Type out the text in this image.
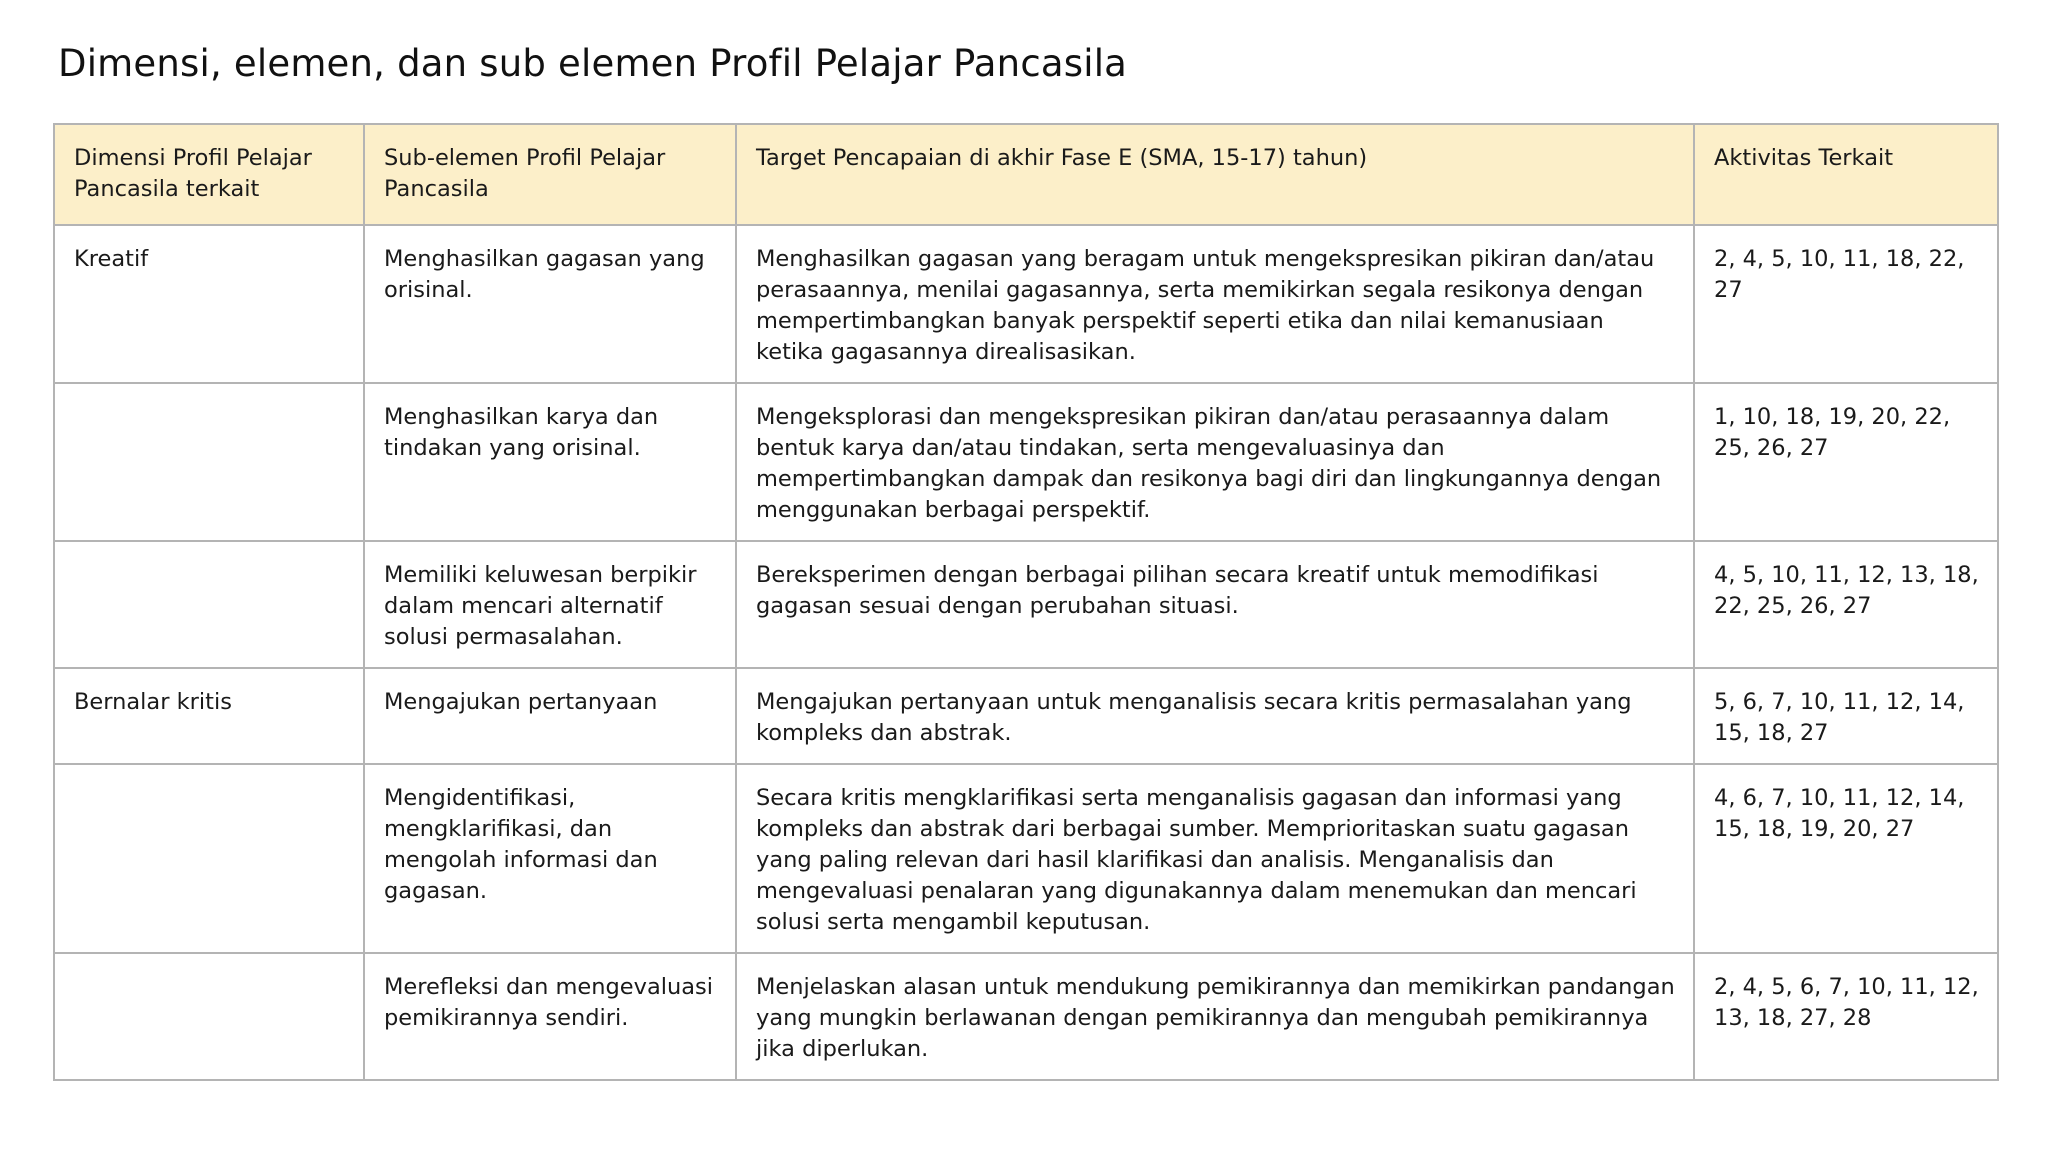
Dimensi, elemen, dan sub elemen Profil Pelajar Pancasila
Dimensi Profil Pelajar Pancasila terkait	Sub-elemen Profil Pelajar Pancasila	Target Pencapaian di akhir Fase E (SMA, 15-17) tahun)	Aktivitas Terkait
Kreatif	Menghasilkan gagasan yang orisinal.	Menghasilkan gagasan yang beragam untuk mengekspresikan pikiran dan/atau perasaannya, menilai gagasannya, serta memikirkan segala resikonya dengan mempertimbangkan banyak perspektif seperti etika dan nilai kemanusiaan ketika gagasannya direalisasikan.	2, 4, 5, 10, 11, 18, 22, 27
	Menghasilkan karya dan tindakan yang orisinal.	Mengeksplorasi dan mengekspresikan pikiran dan/atau perasaannya dalam bentuk karya dan/atau tindakan, serta mengevaluasinya dan mempertimbangkan dampak dan resikonya bagi diri dan lingkungannya dengan menggunakan berbagai perspektif.	1, 10, 18, 19, 20, 22, 25, 26, 27
	Memiliki keluwesan berpikir dalam mencari alternatif solusi permasalahan.	Bereksperimen dengan berbagai pilihan secara kreatif untuk memodifikasi gagasan sesuai dengan perubahan situasi.	4, 5, 10, 11, 12, 13, 18, 22, 25, 26, 27
Bernalar kritis	Mengajukan pertanyaan	Mengajukan pertanyaan untuk menganalisis secara kritis permasalahan yang kompleks dan abstrak.	5, 6, 7, 10, 11, 12, 14, 15, 18, 27
	Mengidentifikasi, mengklarifikasi, dan mengolah informasi dan gagasan.	Secara kritis mengklarifikasi serta menganalisis gagasan dan informasi yang kompleks dan abstrak dari berbagai sumber. Memprioritaskan suatu gagasan yang paling relevan dari hasil klarifikasi dan analisis. Menganalisis dan mengevaluasi penalaran yang digunakannya dalam menemukan dan mencari solusi serta mengambil keputusan.	4, 6, 7, 10, 11, 12, 14, 15, 18, 19, 20, 27
	Merefleksi dan mengevaluasi pemikirannya sendiri.	Menjelaskan alasan untuk mendukung pemikirannya dan memikirkan pandangan yang mungkin berlawanan dengan pemikirannya dan mengubah pemikirannya jika diperlukan.	2, 4, 5, 6, 7, 10, 11, 12, 13, 18, 27, 28
